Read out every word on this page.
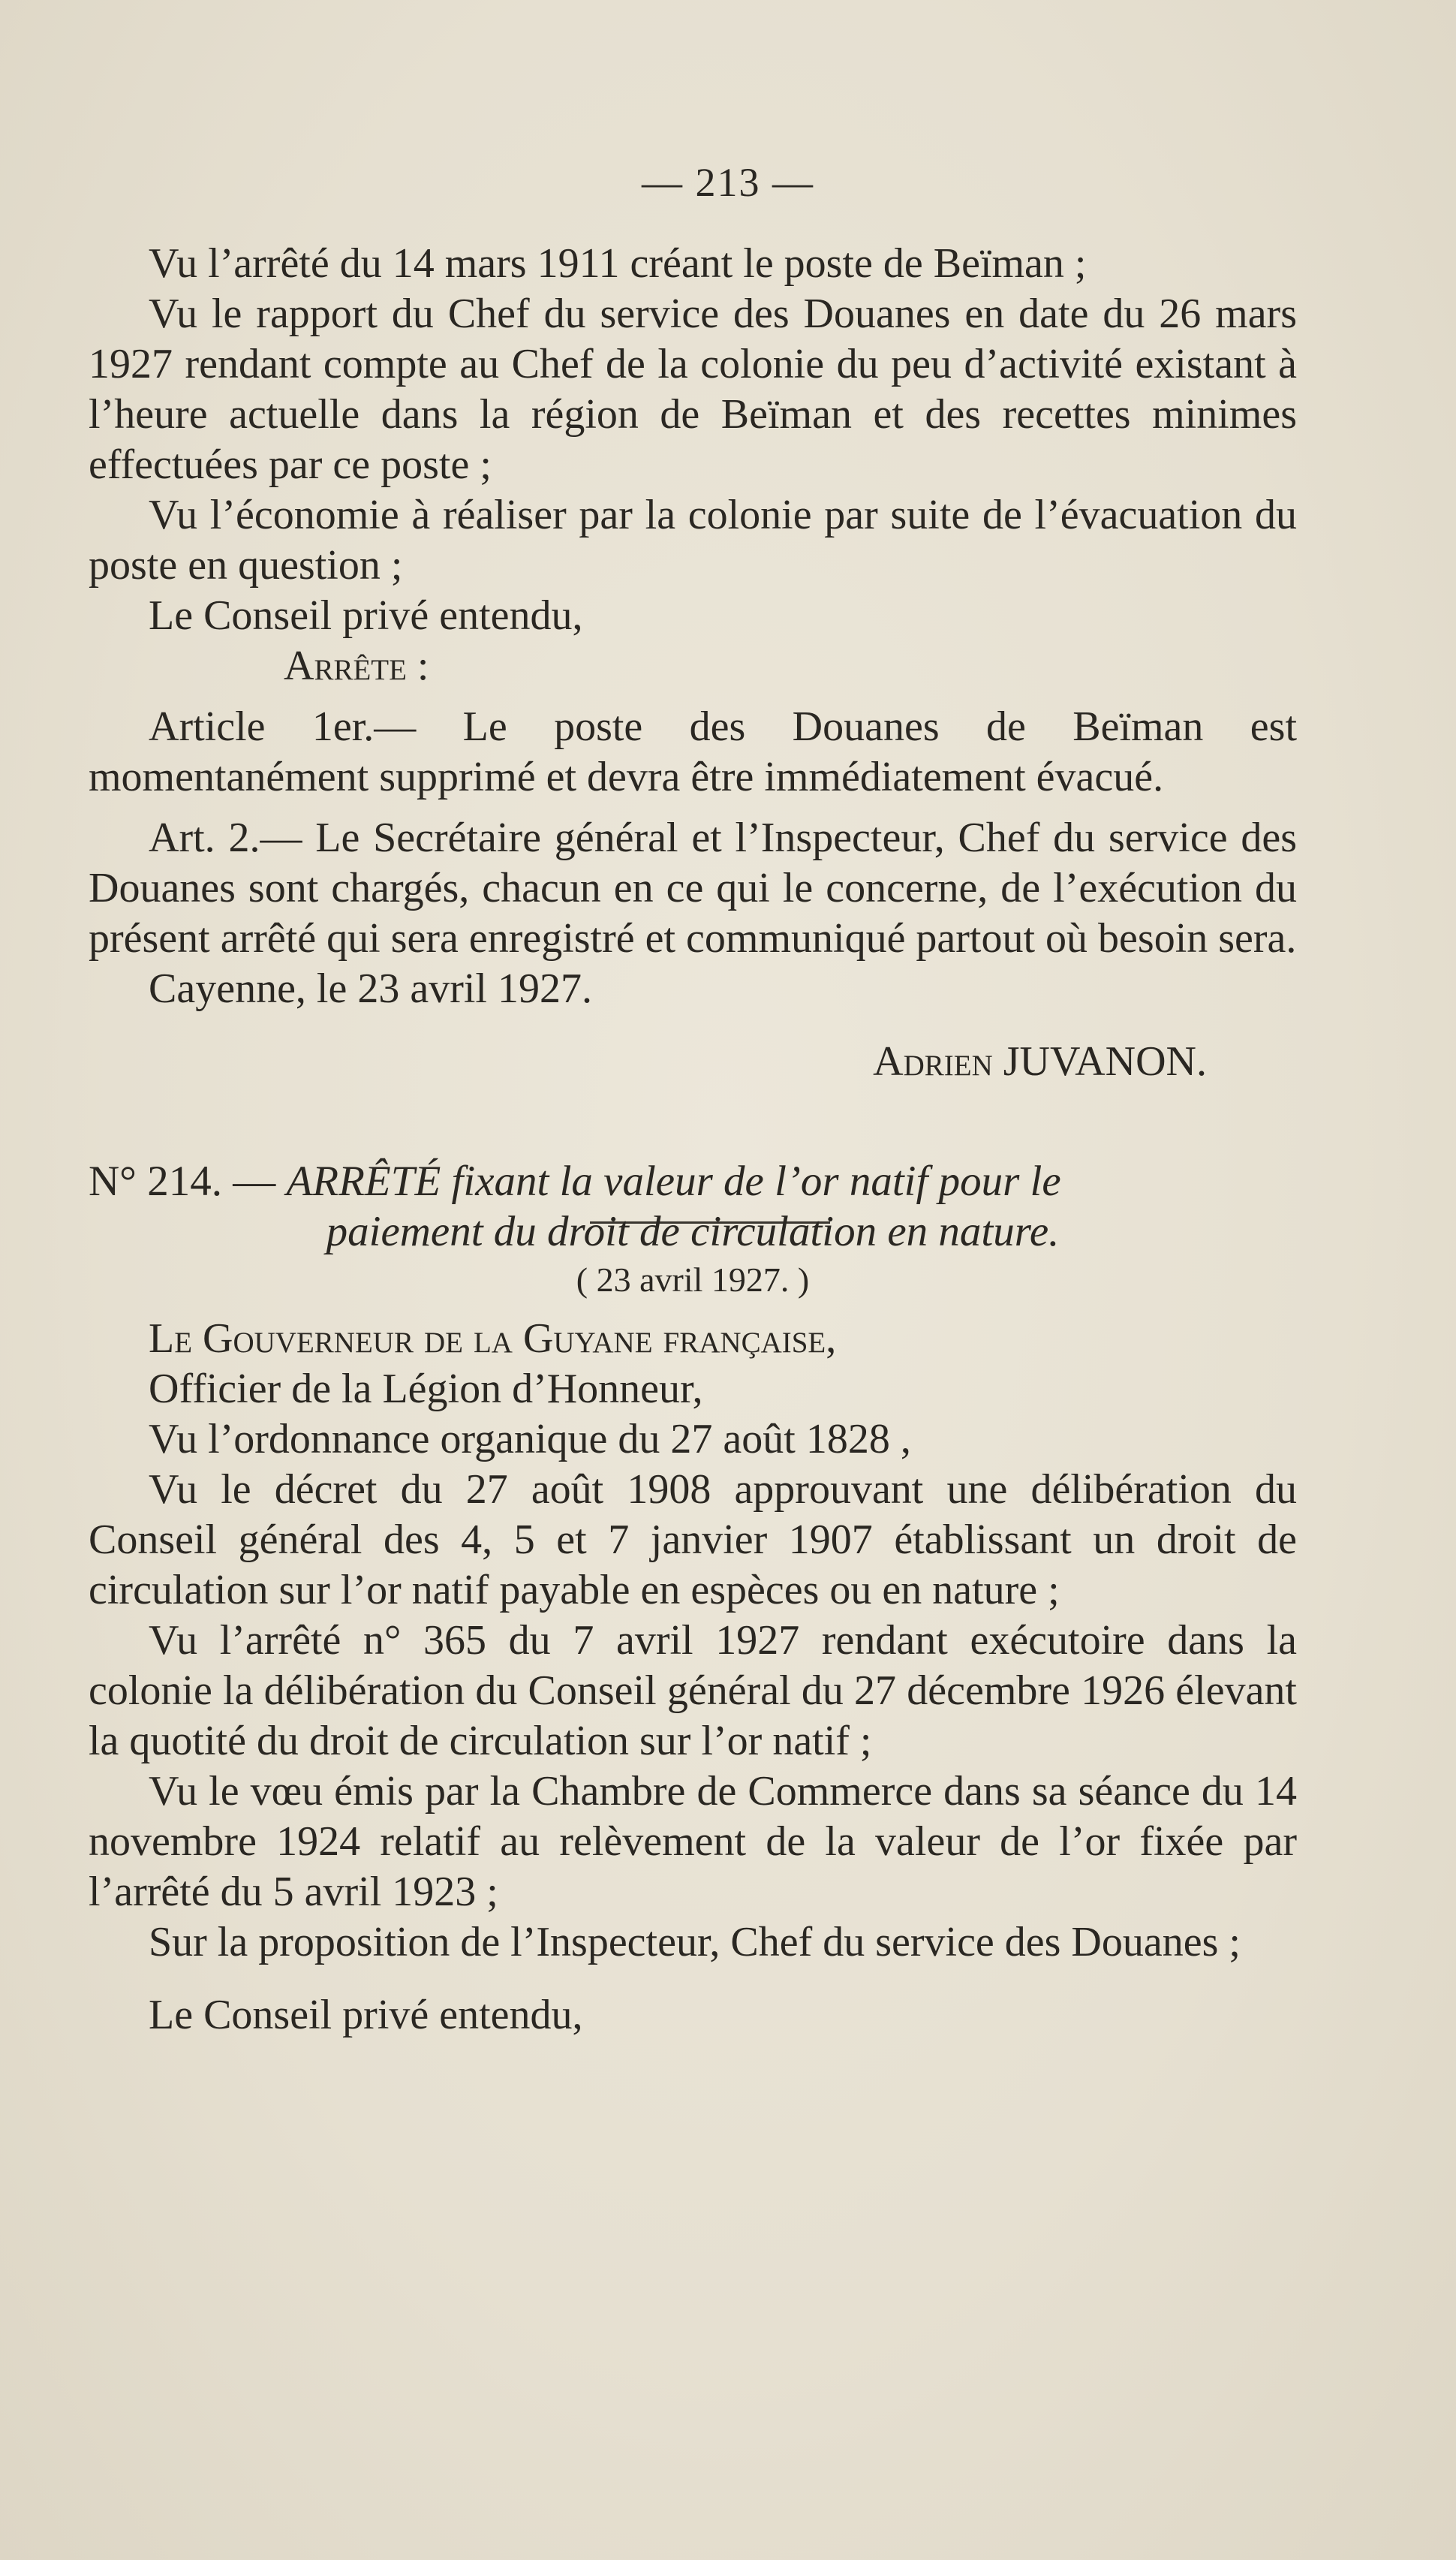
— 213 —

Vu l’arrêté du 14 mars 1911 créant le poste de Beïman ;

Vu le rapport du Chef du service des Douanes en date du 26 mars 1927 rendant compte au Chef de la colonie du peu d’activité existant à l’heure actuelle dans la région de Beïman et des recettes minimes effectuées par ce poste ;

Vu l’économie à réaliser par la colonie par suite de l’évacuation du poste en question ;

Le Conseil privé entendu,

Arrête :

Article 1er.— Le poste des Douanes de Beïman est momentanément supprimé et devra être immédiatement évacué.

Art. 2.— Le Secrétaire général et l’Inspecteur, Chef du service des Douanes sont chargés, chacun en ce qui le concerne, de l’exécution du présent arrêté qui sera enregistré et communiqué partout où besoin sera.

Cayenne, le 23 avril 1927.

Adrien JUVANON.

N° 214. — ARRÊTÉ fixant la valeur de l’or natif pour le

paiement du droit de circulation en nature.

( 23 avril 1927. )

Le Gouverneur de la Guyane française,

Officier de la Légion d’Honneur,

Vu l’ordonnance organique du 27 août 1828 ,

Vu le décret du 27 août 1908 approuvant une délibération du Conseil général des 4, 5 et 7 janvier 1907 établissant un droit de circulation sur l’or natif payable en espèces ou en nature ;

Vu l’arrêté n° 365 du 7 avril 1927 rendant exécutoire dans la colonie la délibération du Conseil général du 27 décembre 1926 élevant la quotité du droit de circulation sur l’or natif ;

Vu le vœu émis par la Chambre de Commerce dans sa séance du 14 novembre 1924 relatif au relèvement de la valeur de l’or fixée par l’arrêté du 5 avril 1923 ;

Sur la proposition de l’Inspecteur, Chef du service des Douanes ;

Le Conseil privé entendu,
